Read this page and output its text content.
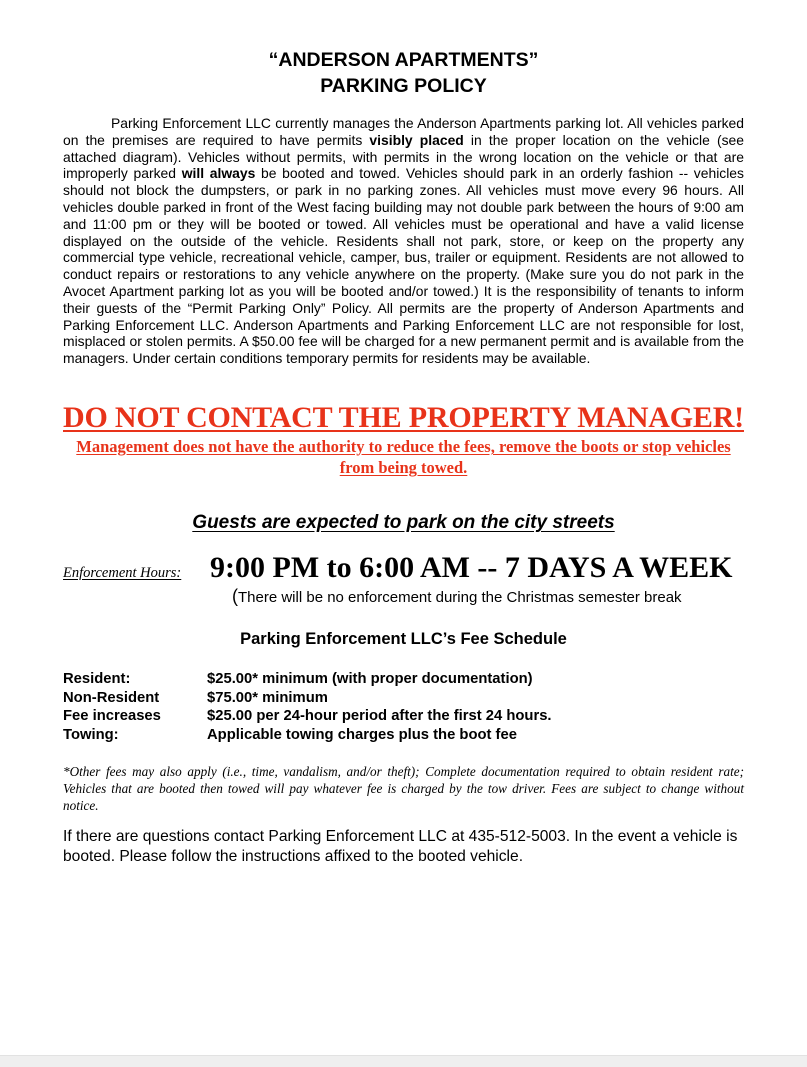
“ANDERSON APARTMENTS”
PARKING POLICY

Parking Enforcement LLC currently manages the Anderson Apartments parking lot. All vehicles parked on the premises are required to have permits visibly placed in the proper location on the vehicle (see attached diagram). Vehicles without permits, with permits in the wrong location on the vehicle or that are improperly parked will always be booted and towed. Vehicles should park in an orderly fashion -- vehicles should not block the dumpsters, or park in no parking zones. All vehicles must move every 96 hours. All vehicles double parked in front of the West facing building may not double park between the hours of 9:00 am and 11:00 pm or they will be booted or towed. All vehicles must be operational and have a valid license displayed on the outside of the vehicle. Residents shall not park, store, or keep on the property any commercial type vehicle, recreational vehicle, camper, bus, trailer or equipment. Residents are not allowed to conduct repairs or restorations to any vehicle anywhere on the property. (Make sure you do not park in the Avocet Apartment parking lot as you will be booted and/or towed.) It is the responsibility of tenants to inform their guests of the “Permit Parking Only” Policy. All permits are the property of Anderson Apartments and Parking Enforcement LLC. Anderson Apartments and Parking Enforcement LLC are not responsible for lost, misplaced or stolen permits. A $50.00 fee will be charged for a new permanent permit and is available from the managers. Under certain conditions temporary permits for residents may be available.

DO NOT CONTACT THE PROPERTY MANAGER!
Management does not have the authority to reduce the fees, remove the boots or stop vehicles from being towed.
Guests are expected to park on the city streets
Enforcement Hours: 9:00 PM to 6:00 AM -- 7 DAYS A WEEK
(There will be no enforcement during the Christmas semester break
Parking Enforcement LLC’s Fee Schedule
Resident:	$25.00* minimum (with proper documentation)
Non-Resident	$75.00* minimum
Fee increases	$25.00 per 24-hour period after the first 24 hours.
Towing:	Applicable towing charges plus the boot fee

*Other fees may also apply (i.e., time, vandalism, and/or theft); Complete documentation required to obtain resident rate; Vehicles that are booted then towed will pay whatever fee is charged by the tow driver. Fees are subject to change without notice.

If there are questions contact Parking Enforcement LLC at 435-512-5003. In the event a vehicle is booted. Please follow the instructions affixed to the booted vehicle.
